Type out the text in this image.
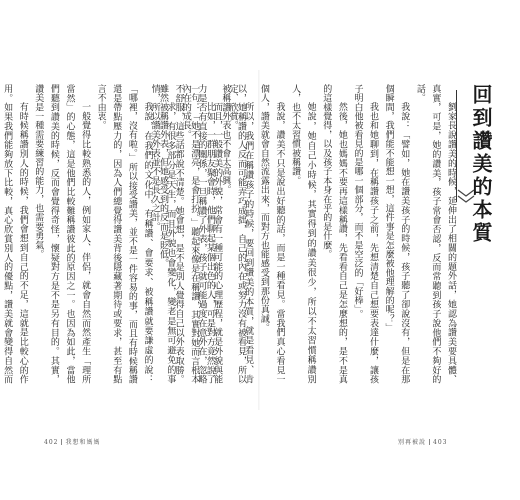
以，她稱讚的人反而可能弄巧成拙，自己的內在或努力沒有被看見，所以被稱讚外表也不會太高興。

比如，一群朋友聚會時，他們聊起某個出色的人，可是對方竟然說了一句：「她不是漂亮，是會打扮。」聽起來像是在稱讚，其實對她而言根本不舒服，這些話都說不清楚。她會想，是不是別人覺得自己以外表取勝。雖然被稱讚外表，但她感受到的反而是貶低。

我說，在我們的文化中，有稱讚、會要求、被稱讚就要謙虛的說：「哪裡，沒有啦。」所以接受讚美，並不是一件容易的事，而且有時候稱讚還是帶點壓力的，因為人們總覺得讚美背後隱藏著期待或要求，甚至有點言不由衷。

一般覺得比較熟悉的人，例如家人、伴侶，就會自然而然產生「理所當然」的心態，這是他們比較難稱讚彼此的原因之一。也因為如此，當他們聽到讚美的時候，反而會覺得奇怪，懷疑對方是不是另有目的。其實，讚美是一種需要練習的能力，也需要勇氣。

有時候稱讚別人的時候，我們會想到自己的不足，這就是比較心的作用。如果我們能夠放下比較，真心欣賞別人的優點，讚美就會變得自然而	劉家長說讚美的時候，延伸出了相關的題外話，她認為讚美要具體、真實，可是，她的讚美，孩子常會否認，反而常聽到孩子說他們不夠好的話。

我說：「譬如，她在讚美孩子的時候，孩子聽了卻說沒有，但是在那個瞬間，我們能不能想一想，這件事是怎麼被他理解的呢？」

我也和她聊到，在稱讚孩子之前，先想清楚自己想要表達什麼，讓孩子明白他被看見的是哪一個部分，而不是空泛的「好棒」。

然後，她也媽媽不要再這樣稱讚，先看看自己是怎麼想的，是不是真的這樣覺得，以及孩子本身在乎的是什麼。

她說，她自己小時候，其實得到的讚美很少，所以不太習慣稱讚別人，也不太習慣被稱讚。

我說，讚美不只是說出好聽的話，而是一種看見。當我們真心看見一個人，讚美就會自然流露出來，而對方也能感受到那份真誠。

所以，我們在稱讚孩子的時候，要回到讚美的本質，就是看見、肯定、欣賞。

而且，一般讚美的外貌，常會有一種可能的心理歷程，就是外貌與能力是否有直接的關係，一旦稱讚了外表，孩子就可能過度在意外在，忽略內在的成長。

求，有很多部分是天生，而且外貌也會變化，變老是無可避免的事情，所以讚美外表並不是長久之計。	回到讚美的本質
402 我想和媽媽	別再被說 403
